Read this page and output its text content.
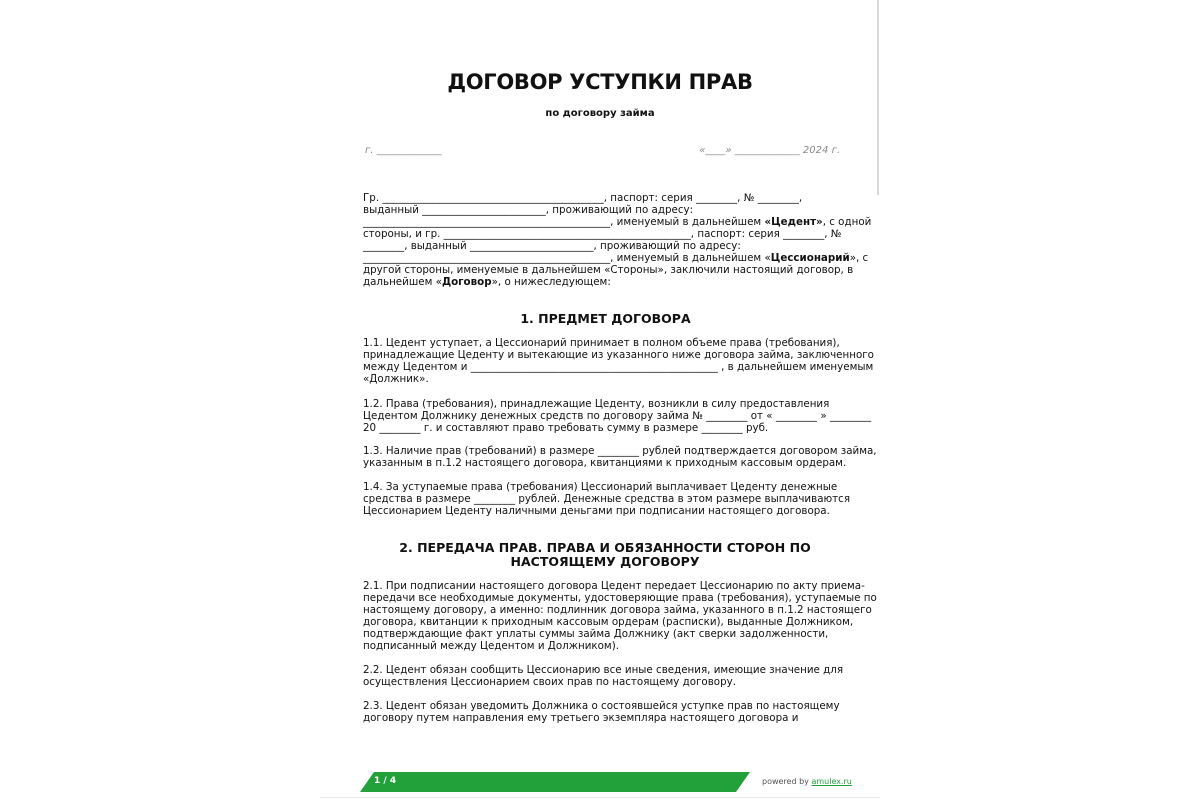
ДОГОВОР УСТУПКИ ПРАВ
по договору займа
г. _____________	«____» _____________ 2024 г.
Гр. ___________________________________________, паспорт: серия ________, № ________,
выданный ________________________, проживающий по адресу:
________________________________________________, именуемый в дальнейшем «Цедент», с одной
стороны, и гр. ________________________________________________, паспорт: серия ________, №
________, выданный ________________________, проживающий по адресу:
________________________________________________, именуемый в дальнейшем «Цессионарий», с
другой стороны, именуемые в дальнейшем «Стороны», заключили настоящий договор, в
дальнейшем «Договор», о нижеследующем:
1. ПРЕДМЕТ ДОГОВОРА
1.1. Цедент уступает, а Цессионарий принимает в полном объеме права (требования),
принадлежащие Цеденту и вытекающие из указанного ниже договора займа, заключенного
между Цедентом и ________________________________________________ , в дальнейшем именуемым
«Должник».
1.2. Права (требования), принадлежащие Цеденту, возникли в силу предоставления
Цедентом Должнику денежных средств по договору займа № ________ от « ________ » ________
20 ________ г. и составляют право требовать сумму в размере ________ руб.
1.3. Наличие прав (требований) в размере ________ рублей подтверждается договором займа,
указанным в п.1.2 настоящего договора, квитанциями к приходным кассовым ордерам.
1.4. За уступаемые права (требования) Цессионарий выплачивает Цеденту денежные
средства в размере ________ рублей. Денежные средства в этом размере выплачиваются
Цессионарием Цеденту наличными деньгами при подписании настоящего договора.
2. ПЕРЕДАЧА ПРАВ. ПРАВА И ОБЯЗАННОСТИ СТОРОН ПО НАСТОЯЩЕМУ ДОГОВОРУ
2.1. При подписании настоящего договора Цедент передает Цессионарию по акту приема-
передачи все необходимые документы, удостоверяющие права (требования), уступаемые по
настоящему договору, а именно: подлинник договора займа, указанного в п.1.2 настоящего
договора, квитанции к приходным кассовым ордерам (расписки), выданные Должником,
подтверждающие факт уплаты суммы займа Должнику (акт сверки задолженности,
подписанный между Цедентом и Должником).
2.2. Цедент обязан сообщить Цессионарию все иные сведения, имеющие значение для
осуществления Цессионарием своих прав по настоящему договору.
2.3. Цедент обязан уведомить Должника о состоявшейся уступке прав по настоящему
договору путем направления ему третьего экземпляра настоящего договора и
1 / 4	powered by amulex.ru
